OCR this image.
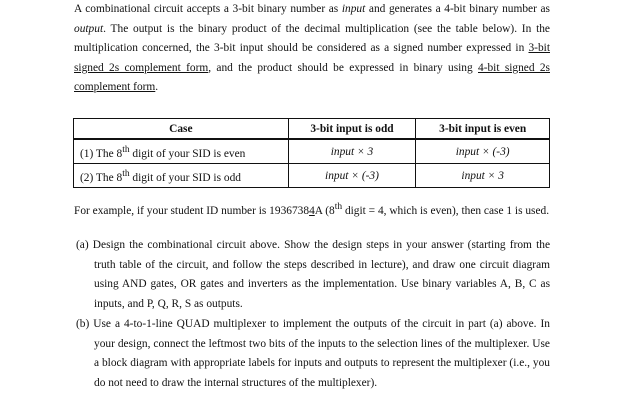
A combinational circuit accepts a 3-bit binary number as input and generates a 4-bit binary number as output. The output is the binary product of the decimal multiplication (see the table below). In the multiplication concerned, the 3-bit input should be considered as a signed number expressed in 3-bit signed 2s complement form, and the product should be expressed in binary using 4-bit signed 2s complement form.
Case	3-bit input is odd	3-bit input is even
(1) The 8th digit of your SID is even	input × 3	input × (-3)
(2) The 8th digit of your SID is odd	input × (-3)	input × 3
For example, if your student ID number is 19367384A (8th digit = 4, which is even), then case 1 is used.
(a) Design the combinational circuit above. Show the design steps in your answer (starting from the truth table of the circuit, and follow the steps described in lecture), and draw one circuit diagram using AND gates, OR gates and inverters as the implementation. Use binary variables A, B, C as inputs, and P, Q, R, S as outputs.
(b) Use a 4-to-1-line QUAD multiplexer to implement the outputs of the circuit in part (a) above. In your design, connect the leftmost two bits of the inputs to the selection lines of the multiplexer. Use a block diagram with appropriate labels for inputs and outputs to represent the multiplexer (i.e., you do not need to draw the internal structures of the multiplexer).
